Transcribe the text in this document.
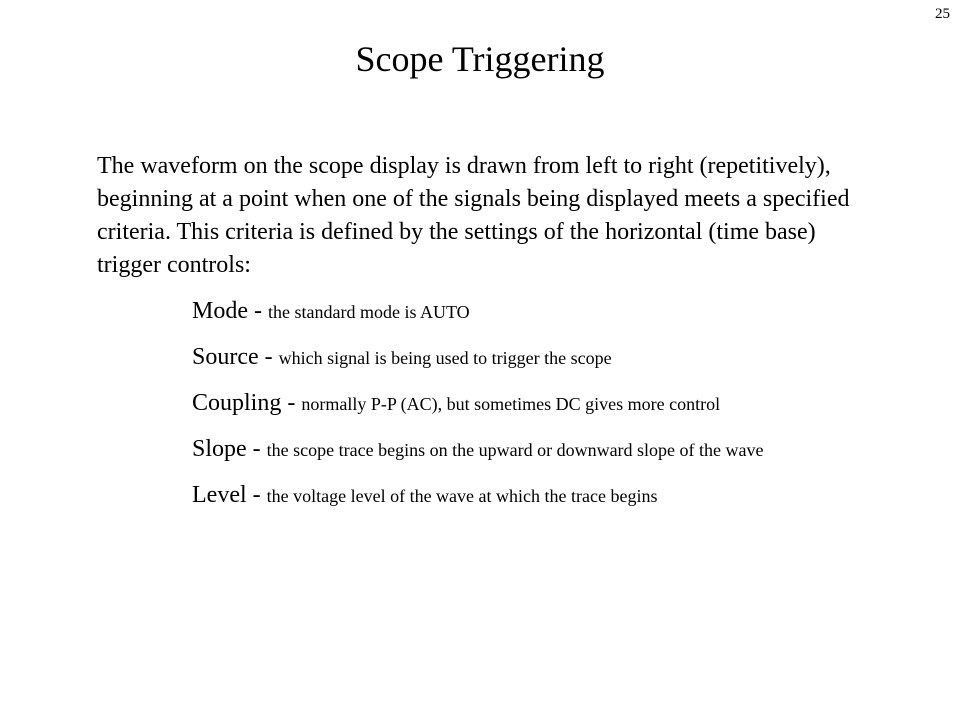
25
Scope Triggering

The waveform on the scope display is drawn from left to right (repetitively), beginning at a point when one of the signals being displayed meets a specified criteria. This criteria is defined by the settings of the horizontal (time base) trigger controls:

Mode - the standard mode is AUTO
Source - which signal is being used to trigger the scope
Coupling - normally P-P (AC), but sometimes DC gives more control
Slope - the scope trace begins on the upward or downward slope of the wave
Level - the voltage level of the wave at which the trace begins
